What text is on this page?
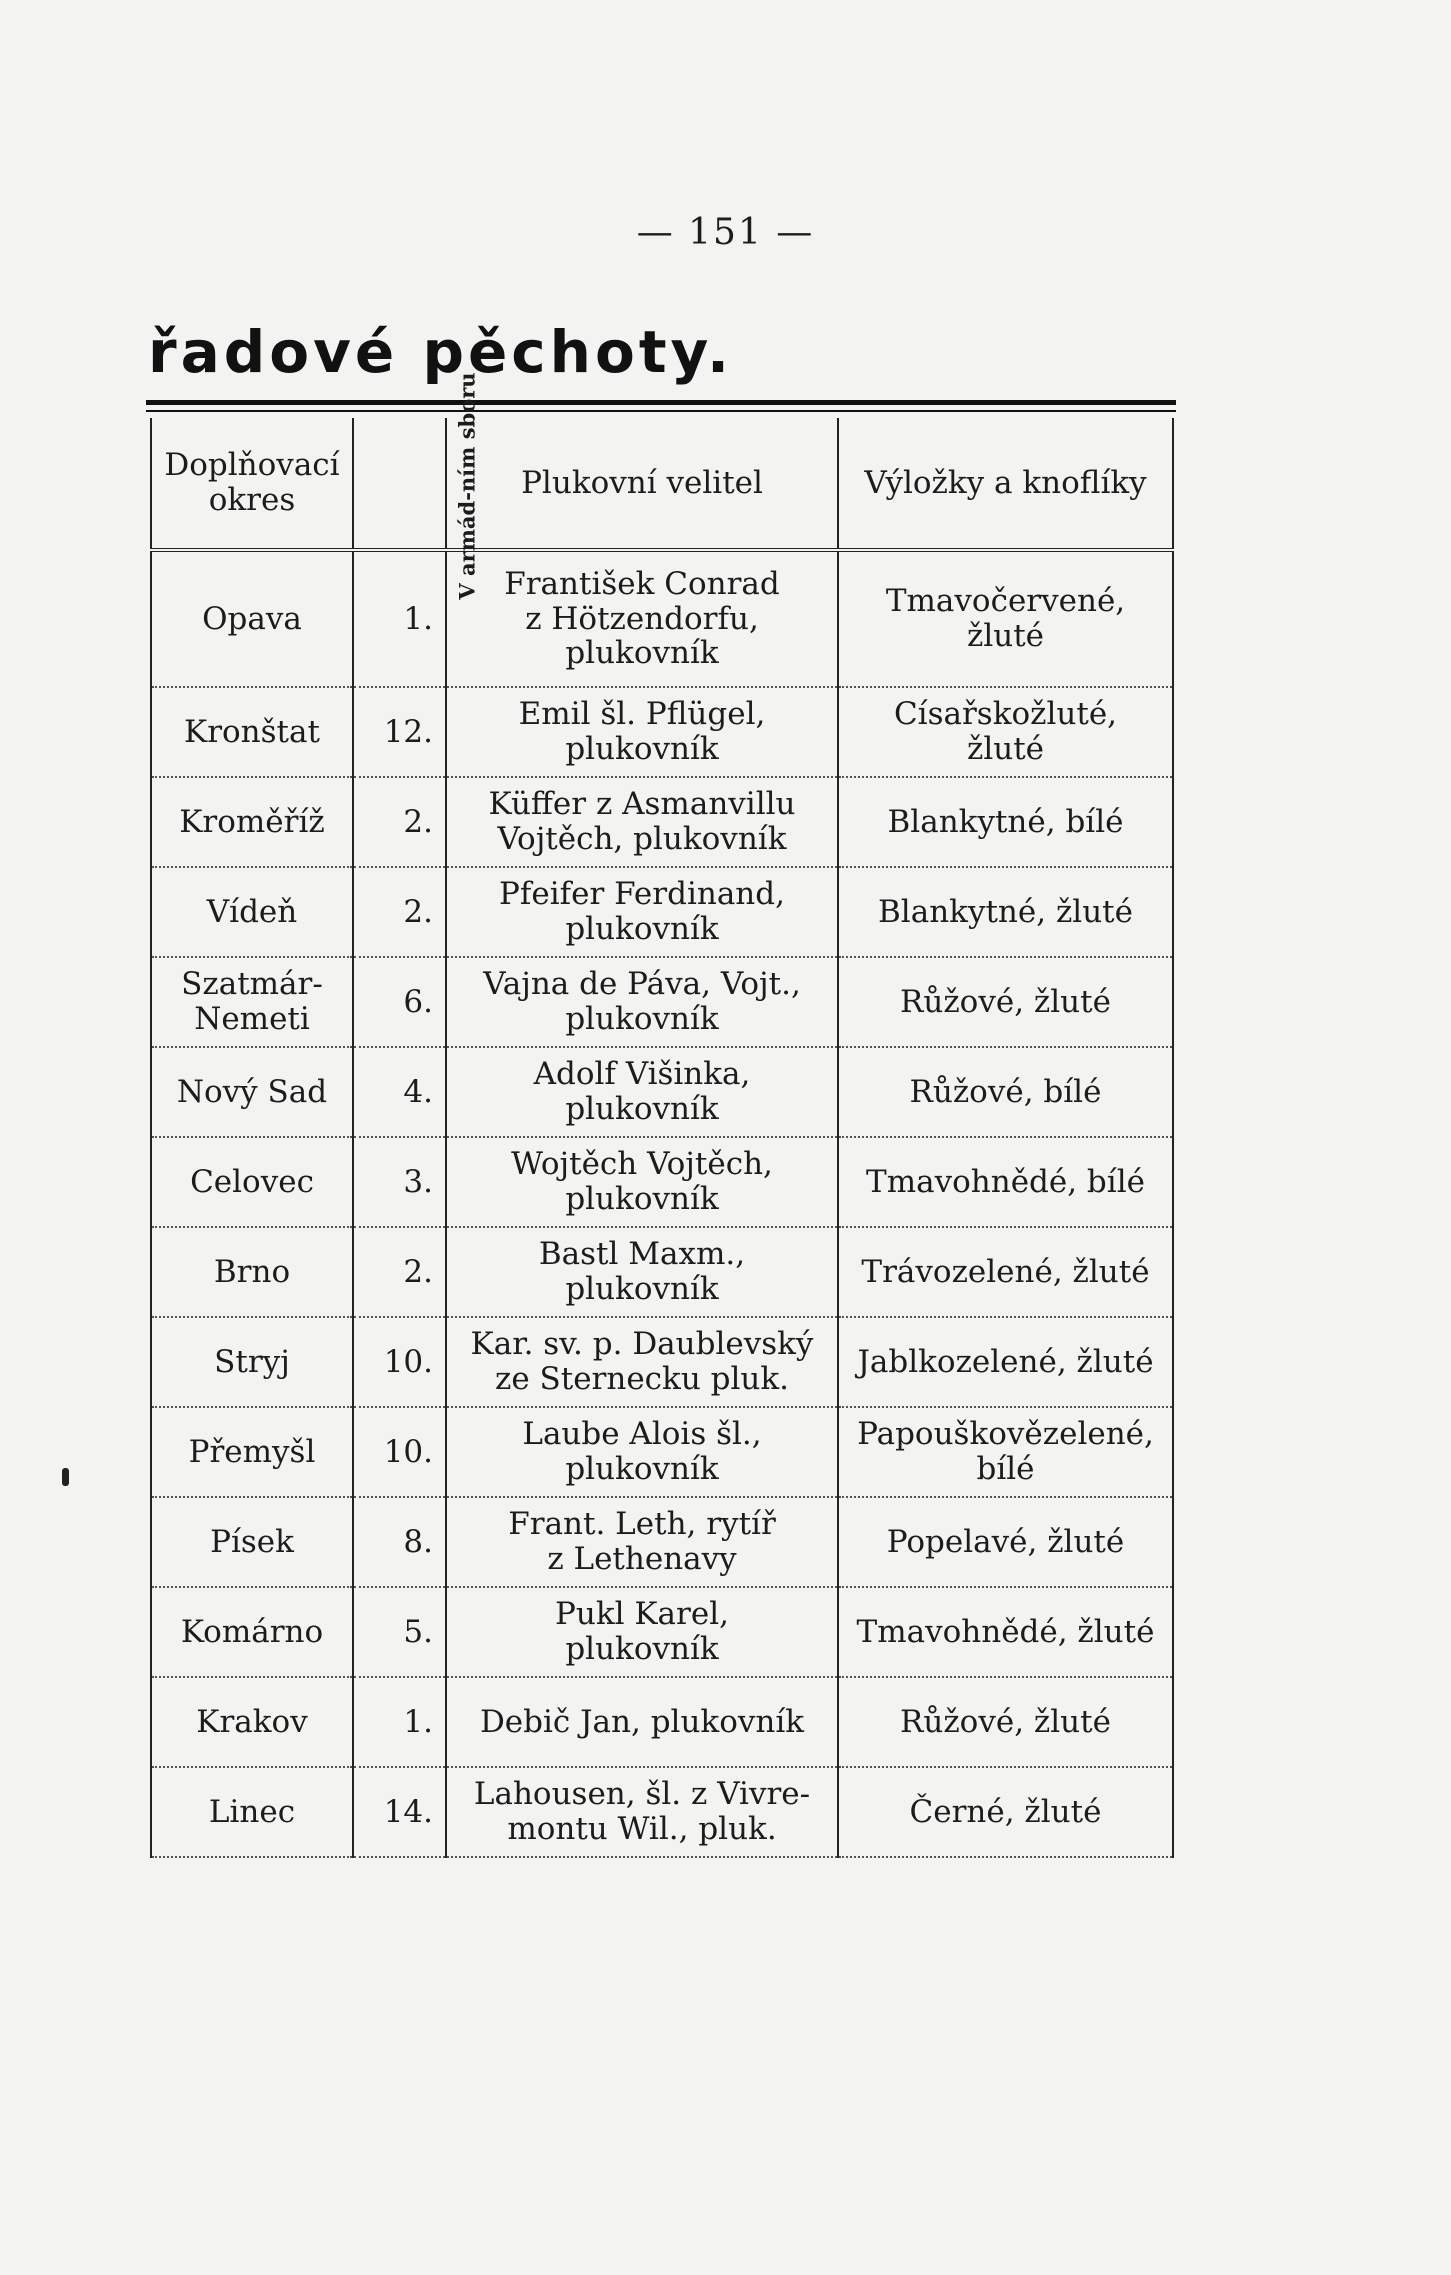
— 151 —
řadové pěchoty.
Doplňovací okres	V armád-ním sboru	Plukovní velitel	Výložky a knoflíky
Opava	1.	František Conrad
z Hötzendorfu,
plukovník	Tmavočervené,
žluté
Kronštat	12.	Emil šl. Pflügel,
plukovník	Císařskožluté,
žluté
Kroměříž	2.	Küffer z Asmanvillu
Vojtěch, plukovník	Blankytné, bílé
Vídeň	2.	Pfeifer Ferdinand,
plukovník	Blankytné, žluté
Szatmár-
Nemeti	6.	Vajna de Páva, Vojt.,
plukovník	Růžové, žluté
Nový Sad	4.	Adolf Višinka,
plukovník	Růžové, bílé
Celovec	3.	Wojtěch Vojtěch,
plukovník	Tmavohnědé, bílé
Brno	2.	Bastl Maxm.,
plukovník	Trávozelené, žluté
Stryj	10.	Kar. sv. p. Daublevský
ze Sternecku pluk.	Jablkozelené, žluté
Přemyšl	10.	Laube Alois šl.,
plukovník	Papouškovězelené,
bílé
Písek	8.	Frant. Leth, rytíř
z Lethenavy	Popelavé, žluté
Komárno	5.	Pukl Karel,
plukovník	Tmavohnědé, žluté
Krakov	1.	Debič Jan, plukovník	Růžové, žluté
Linec	14.	Lahousen, šl. z Vivre-
montu Wil., pluk.	Černé, žluté
